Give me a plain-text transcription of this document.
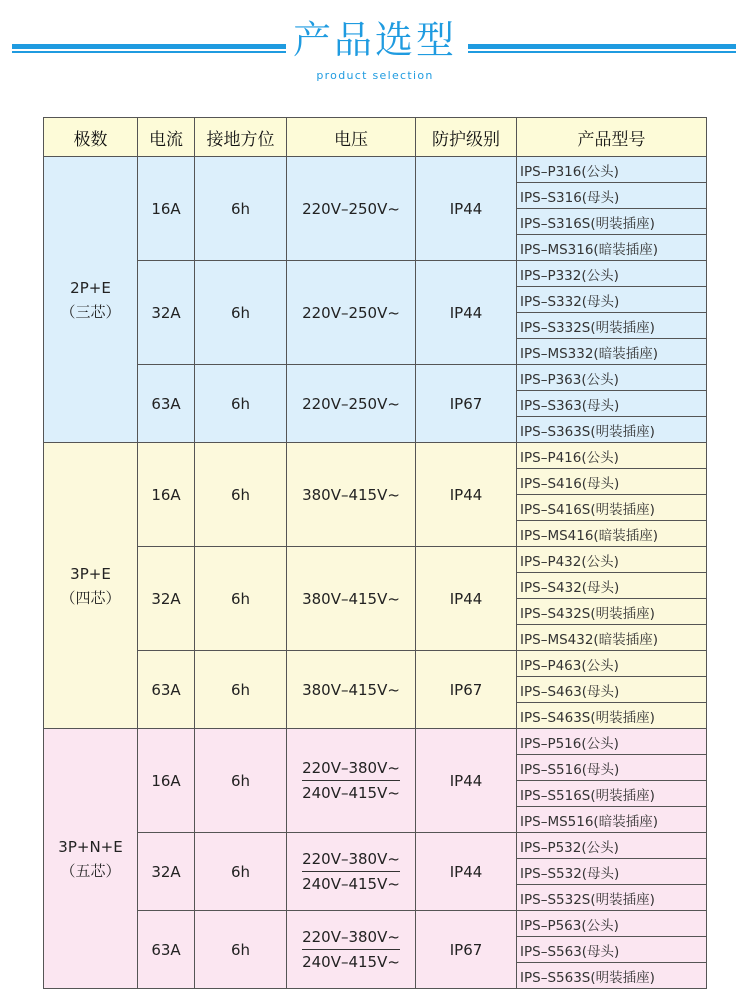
产品选型
product selection
极数	电流	接地方位	电压	防护级别	产品型号
2P+E
（三芯）	16A	6h	220V–250V~	IP44	IPS–P316(公头)
					IPS–S316(母头)
					IPS–S316S(明装插座)
					IPS–MS316(暗装插座)
	32A	6h	220V–250V~	IP44	IPS–P332(公头)
					IPS–S332(母头)
					IPS–S332S(明装插座)
					IPS–MS332(暗装插座)
	63A	6h	220V–250V~	IP67	IPS–P363(公头)
					IPS–S363(母头)
					IPS–S363S(明装插座)
3P+E
（四芯）	16A	6h	380V–415V~	IP44	IPS–P416(公头)
					IPS–S416(母头)
					IPS–S416S(明装插座)
					IPS–MS416(暗装插座)
	32A	6h	380V–415V~	IP44	IPS–P432(公头)
					IPS–S432(母头)
					IPS–S432S(明装插座)
					IPS–MS432(暗装插座)
	63A	6h	380V–415V~	IP67	IPS–P463(公头)
					IPS–S463(母头)
					IPS–S463S(明装插座)
3P+N+E
（五芯）	16A	6h	$\frac{220V-380V\sim}{240V-415V\sim}$	IP44	IPS–P516(公头)
					IPS–S516(母头)
					IPS–S516S(明装插座)
					IPS–MS516(暗装插座)
	32A	6h	$\frac{220V-380V\sim}{240V-415V\sim}$	IP44	IPS–P532(公头)
					IPS–S532(母头)
					IPS–S532S(明装插座)
	63A	6h	$\frac{220V-380V\sim}{240V-415V\sim}$	IP67	IPS–P563(公头)
					IPS–S563(母头)
					IPS–S563S(明装插座)
